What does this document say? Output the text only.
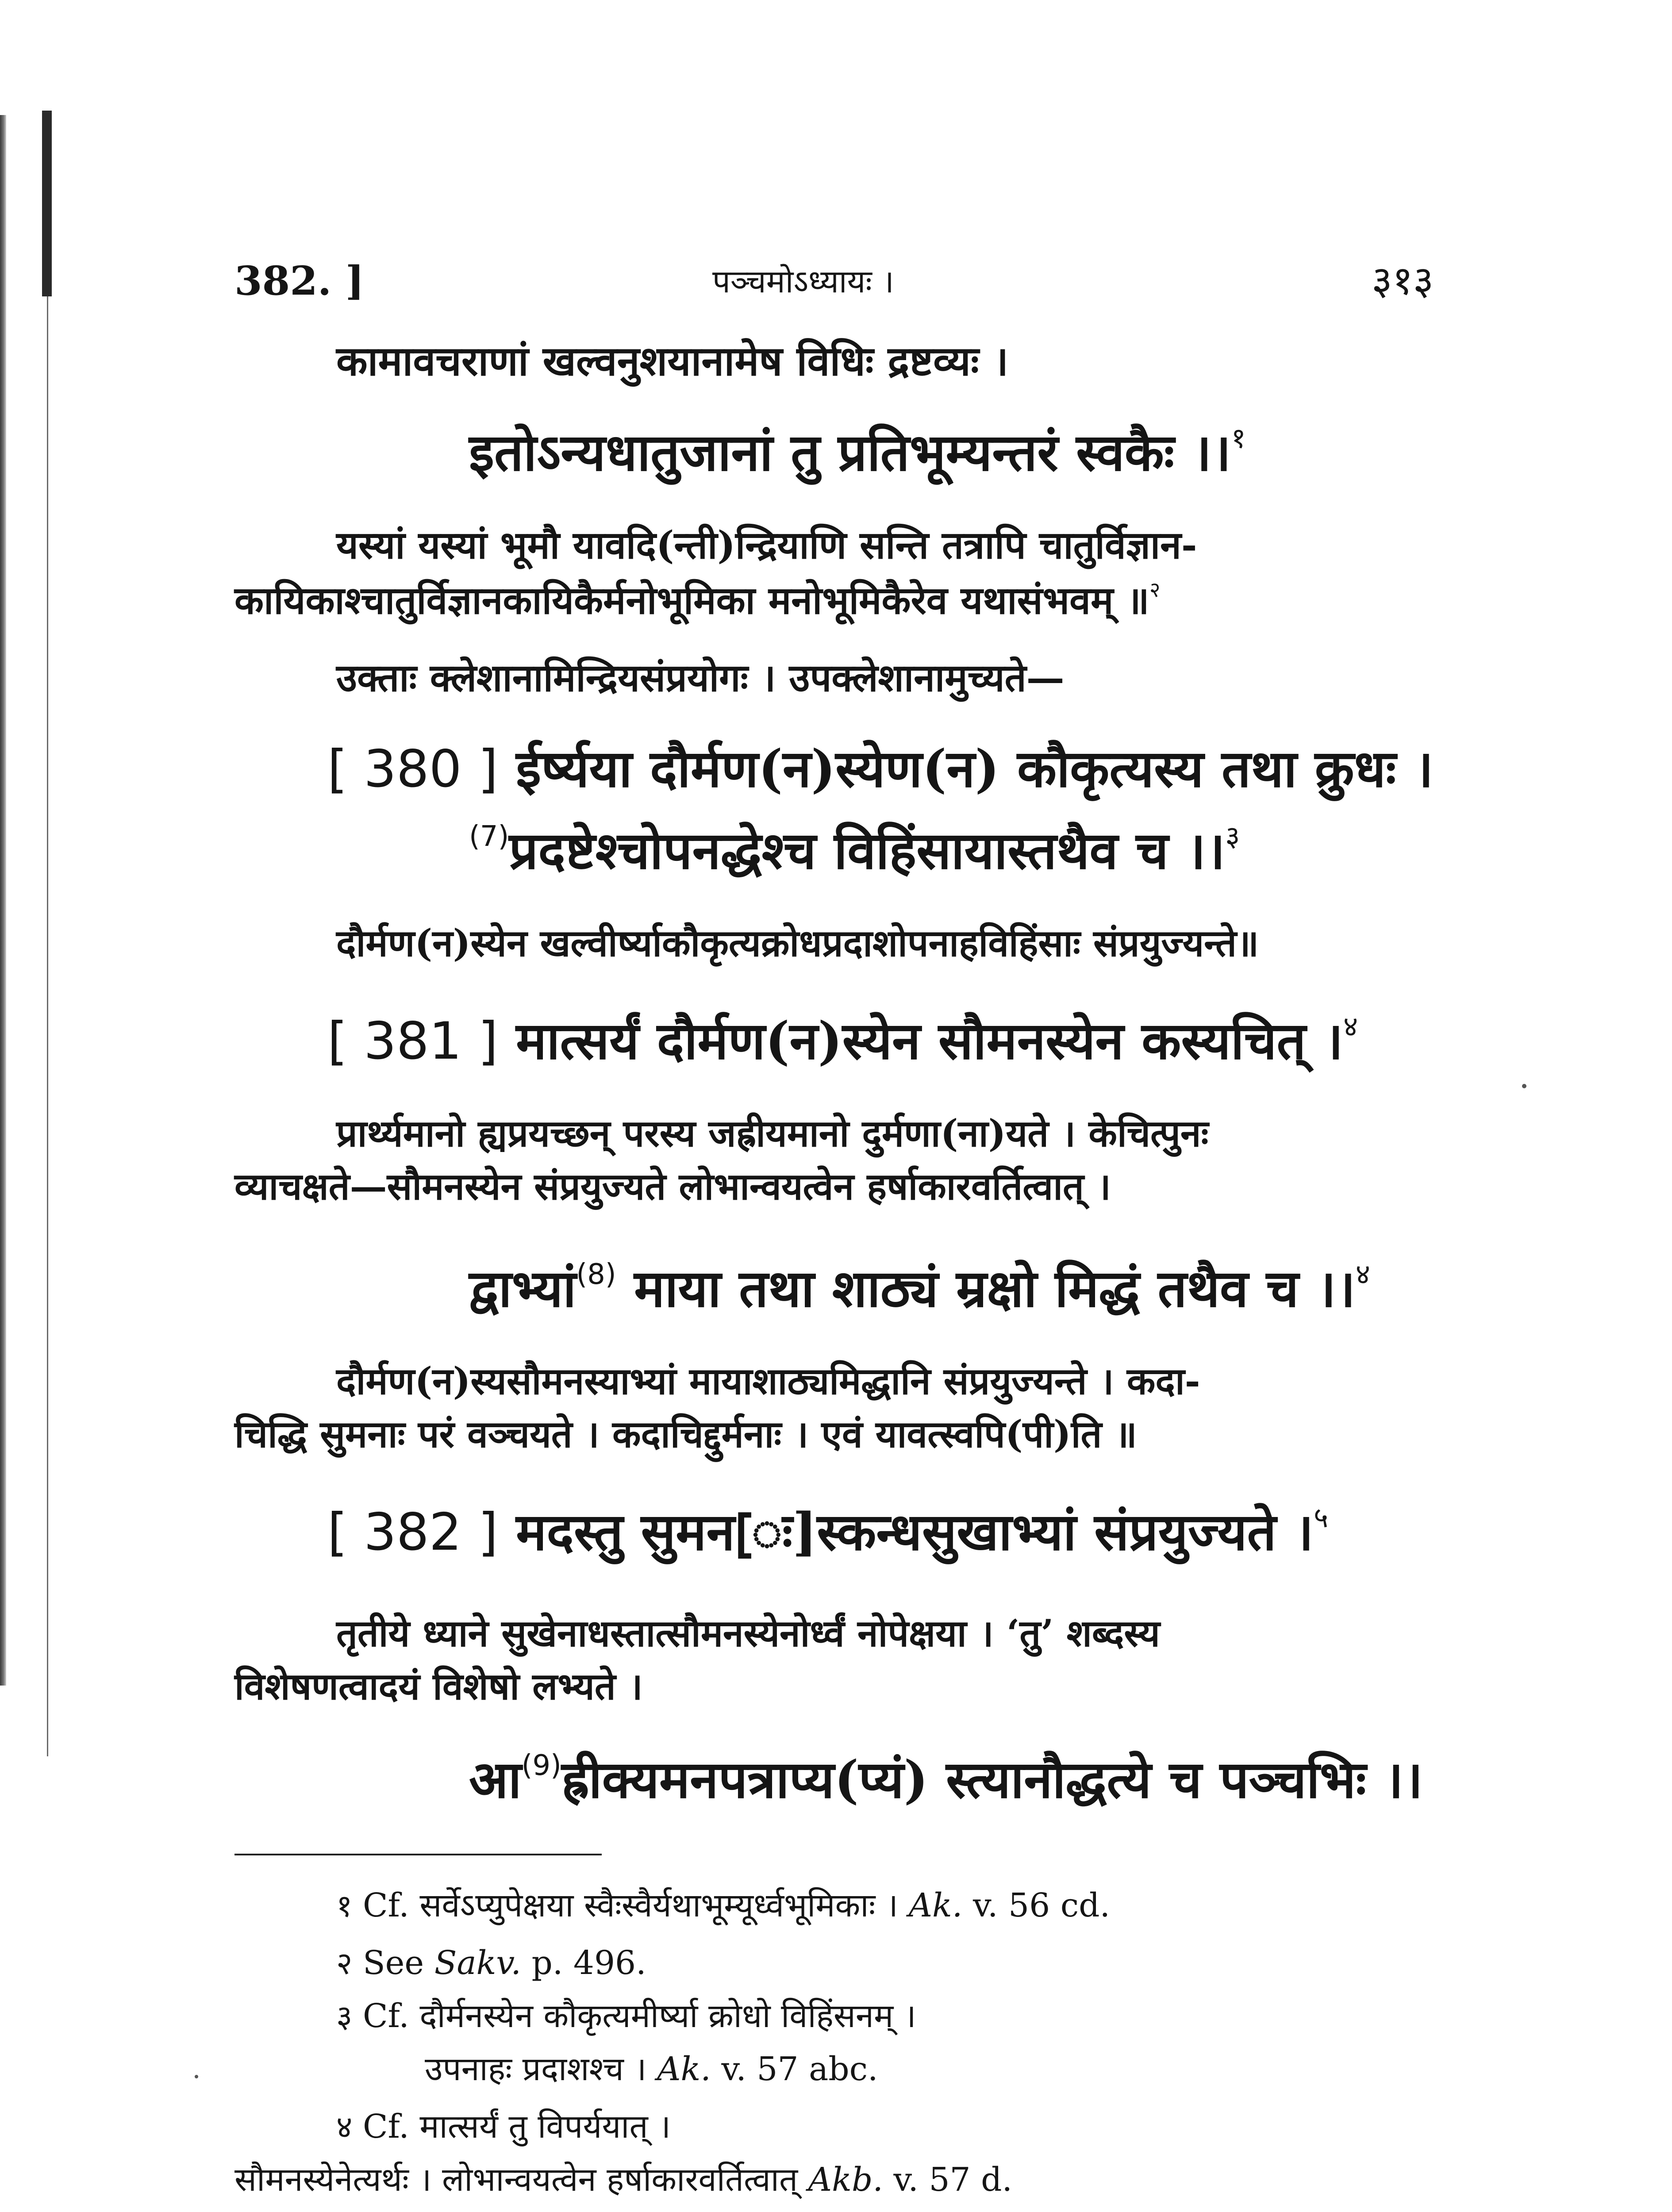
382. ]	पञ्चमोऽध्यायः ।	३१३
कामावचराणां खल्वनुशयानामेष विधिः द्रष्टव्यः ।
इतोऽन्यधातुजानां तु प्रतिभूम्यन्तरं स्वकैः ।।$^१$
यस्यां यस्यां भूमौ यावदि(न्ती)न्द्रियाणि सन्ति तत्रापि चातुर्विज्ञान-
कायिकाश्चातुर्विज्ञानकायिकैर्मनोभूमिका मनोभूमिकैरेव यथासंभवम् ॥$^२$
उक्ताः क्लेशानामिन्द्रियसंप्रयोगः । उपक्लेशानामुच्यते—
[ 380 ] ईर्ष्यया दौर्मण(न)स्येण(न) कौकृत्यस्य तथा क्रुधः ।
$^{(7)}$प्रदष्टेश्चोपनद्धेश्च विहिंसायास्तथैव च ।।$^३$
दौर्मण(न)स्येन खल्वीर्ष्याकौकृत्यक्रोधप्रदाशोपनाहविहिंसाः संप्रयुज्यन्ते॥
[ 381 ] मात्सर्यं दौर्मण(न)स्येन सौमनस्येन कस्यचित् ।$^४$
प्रार्थ्यमानो ह्यप्रयच्छन् परस्य जह्रीयमानो दुर्मणा(ना)यते । केचित्पुनः
व्याचक्षते—सौमनस्येन संप्रयुज्यते लोभान्वयत्वेन हर्षाकारवर्तित्वात् ।
द्वाभ्यां$^{(8)}$ माया तथा शाठ्यं म्रक्षो मिद्धं तथैव च ।।$^४$
दौर्मण(न)स्यसौमनस्याभ्यां मायाशाठ्यमिद्धानि संप्रयुज्यन्ते । कदा-
चिद्धि सुमनाः परं वञ्चयते । कदाचिद्दुर्मनाः । एवं यावत्स्वपि(पी)ति ॥
[ 382 ] मदस्तु सुमन[ः]स्कन्धसुखाभ्यां संप्रयुज्यते ।$^५$
तृतीये ध्याने सुखेनाधस्तात्सौमनस्येनोर्ध्वं नोपेक्षया । ‘तु’ शब्दस्य
विशेषणत्वादयं विशेषो लभ्यते ।
आ$^{(9)}$ह्रीक्यमनपत्राप्य(प्यं) स्त्यानौद्धत्ये च पञ्चभिः ।।
१ Cf. सर्वेऽप्युपेक्षया स्वैःस्वैर्यथाभूम्यूर्ध्वभूमिकाः । Ak. v. 56 cd.
२ See Sakv. p. 496.
३ Cf. दौर्मनस्येन कौकृत्यमीर्ष्या क्रोधो विहिंसनम् ।
उपनाहः प्रदाशश्च । Ak. v. 57 abc.
४ Cf. मात्सर्यं तु विपर्ययात् ।
सौमनस्येनेत्यर्थः । लोभान्वयत्वेन हर्षाकारवर्तित्वात् Akb. v. 57 d.
